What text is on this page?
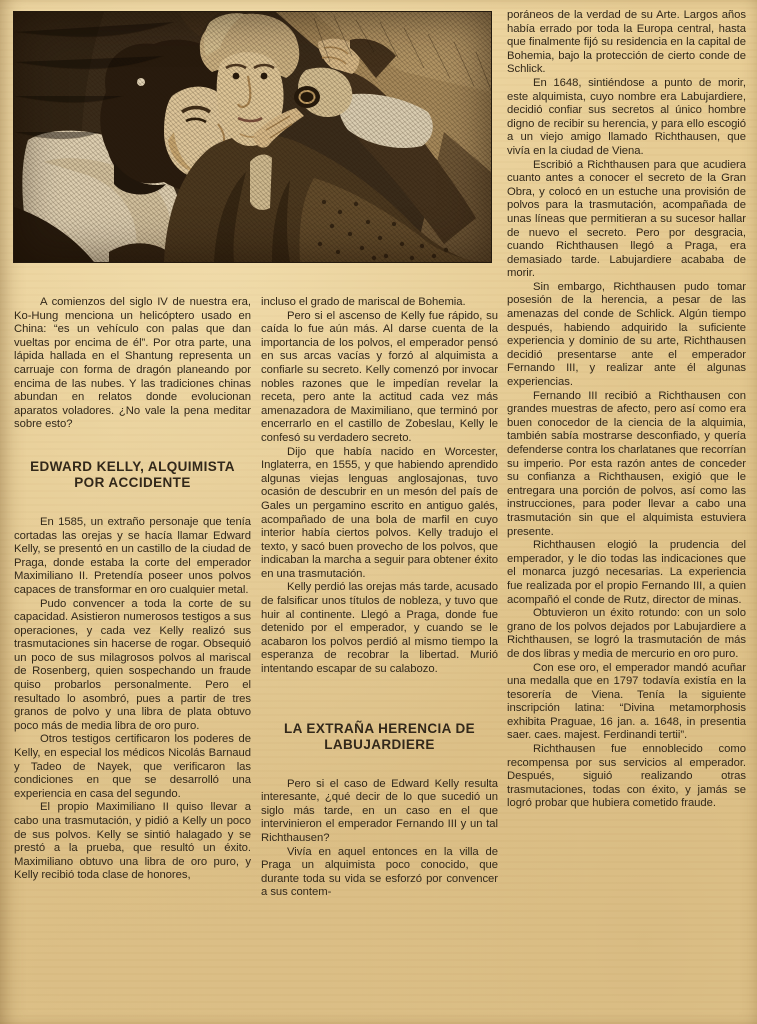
A comienzos del siglo IV de nuestra era, Ko-Hung menciona un helicóptero usado en China: “es un vehículo con palas que dan vueltas por encima de él”. Por otra parte, una lápida hallada en el Shantung representa un carruaje con forma de dragón planeando por encima de las nubes. Y las tradiciones chinas abundan en relatos donde evolucionan aparatos voladores. ¿No vale la pena meditar sobre esto?

EDWARD KELLY, ALQUIMISTA POR ACCIDENTE

En 1585, un extraño personaje que tenía cortadas las orejas y se hacía llamar Edward Kelly, se presentó en un castillo de la ciudad de Praga, donde estaba la corte del emperador Maximiliano II. Pretendía poseer unos polvos capaces de transformar en oro cualquier metal.

Pudo convencer a toda la corte de su capacidad. Asistieron numerosos testigos a sus operaciones, y cada vez Kelly realizó sus trasmutaciones sin hacerse de rogar. Obsequió un poco de sus milagrosos polvos al mariscal de Rosenberg, quien sospechando un fraude quiso probarlos personalmente. Pero el resultado lo asombró, pues a partir de tres granos de polvo y una libra de plata obtuvo poco más de media libra de oro puro.

Otros testigos certificaron los poderes de Kelly, en especial los médicos Nicolás Barnaud y Tadeo de Nayek, que verificaron las condiciones en que se desarrolló una experiencia en casa del segundo.

El propio Maximiliano II quiso llevar a cabo una trasmutación, y pidió a Kelly un poco de sus polvos. Kelly se sintió halagado y se prestó a la prueba, que resultó un éxito. Maximiliano obtuvo una libra de oro puro, y Kelly recibió toda clase de honores,

incluso el grado de mariscal de Bohemia.

Pero si el ascenso de Kelly fue rápido, su caída lo fue aún más. Al darse cuenta de la importancia de los polvos, el emperador pensó en sus arcas vacías y forzó al alquimista a confiarle su secreto. Kelly comenzó por invocar nobles razones que le impedían revelar la receta, pero ante la actitud cada vez más amenazadora de Maximiliano, que terminó por encerrarlo en el castillo de Zobeslau, Kelly le confesó su verdadero secreto.

Dijo que había nacido en Worcester, Inglaterra, en 1555, y que habiendo aprendido algunas viejas lenguas anglosajonas, tuvo ocasión de descubrir en un mesón del país de Gales un pergamino escrito en antiguo galés, acompañado de una bola de marfil en cuyo interior había ciertos polvos. Kelly tradujo el texto, y sacó buen provecho de los polvos, que indicaban la marcha a seguir para obtener éxito en una trasmutación.

Kelly perdió las orejas más tarde, acusado de falsificar unos títulos de nobleza, y tuvo que huir al continente. Llegó a Praga, donde fue detenido por el emperador, y cuando se le acabaron los polvos perdió al mismo tiempo la esperanza de recobrar la libertad. Murió intentando escapar de su calabozo.

LA EXTRAÑA HERENCIA DE LABUJARDIERE

Pero si el caso de Edward Kelly resulta interesante, ¿qué decir de lo que sucedió un siglo más tarde, en un caso en el que intervinieron el emperador Fernando III y un tal Richthausen?

Vivía en aquel entonces en la villa de Praga un alquimista poco conocido, que durante toda su vida se esforzó por convencer a sus contem-

poráneos de la verdad de su Arte. Largos años había errado por toda la Europa central, hasta que finalmente fijó su residencia en la capital de Bohemia, bajo la protección de cierto conde de Schlick.

En 1648, sintiéndose a punto de morir, este alquimista, cuyo nombre era Labujardiere, decidió confiar sus secretos al único hombre digno de recibir su herencia, y para ello escogió a un viejo amigo llamado Richthausen, que vivía en la ciudad de Viena.

Escribió a Richthausen para que acudiera cuanto antes a conocer el secreto de la Gran Obra, y colocó en un estuche una provisión de polvos para la trasmutación, acompañada de unas líneas que permitieran a su sucesor hallar de nuevo el secreto. Pero por desgracia, cuando Richthausen llegó a Praga, era demasiado tarde. Labujardiere acababa de morir.

Sin embargo, Richthausen pudo tomar posesión de la herencia, a pesar de las amenazas del conde de Schlick. Algún tiempo después, habiendo adquirido la suficiente experiencia y dominio de su arte, Richthausen decidió presentarse ante el emperador Fernando III, y realizar ante él algunas experiencias.

Fernando III recibió a Richthausen con grandes muestras de afecto, pero así como era buen conocedor de la ciencia de la alquimia, también sabía mostrarse desconfiado, y quería defenderse contra los charlatanes que recorrían su imperio. Por esta razón antes de conceder su confianza a Richthausen, exigió que le entregara una porción de polvos, así como las instrucciones, para poder llevar a cabo una trasmutación sin que el alquimista estuviera presente.

Richthausen elogió la prudencia del emperador, y le dio todas las indicaciones que el monarca juzgó necesarias. La experiencia fue realizada por el propio Fernando III, a quien acompañó el conde de Rutz, director de minas.

Obtuvieron un éxito rotundo: con un solo grano de los polvos dejados por Labujardiere a Richthausen, se logró la trasmutación de más de dos libras y media de mercurio en oro puro.

Con ese oro, el emperador mandó acuñar una medalla que en 1797 todavía existía en la tesorería de Viena. Tenía la siguiente inscripción latina: “Divina metamorphosis exhibita Praguae, 16 jan. a. 1648, in presentia saer. caes. majest. Ferdinandi tertii”.

Richthausen fue ennoblecido como recompensa por sus servicios al emperador. Después, siguió realizando otras trasmutaciones, todas con éxito, y jamás se logró probar que hubiera cometido fraude.
